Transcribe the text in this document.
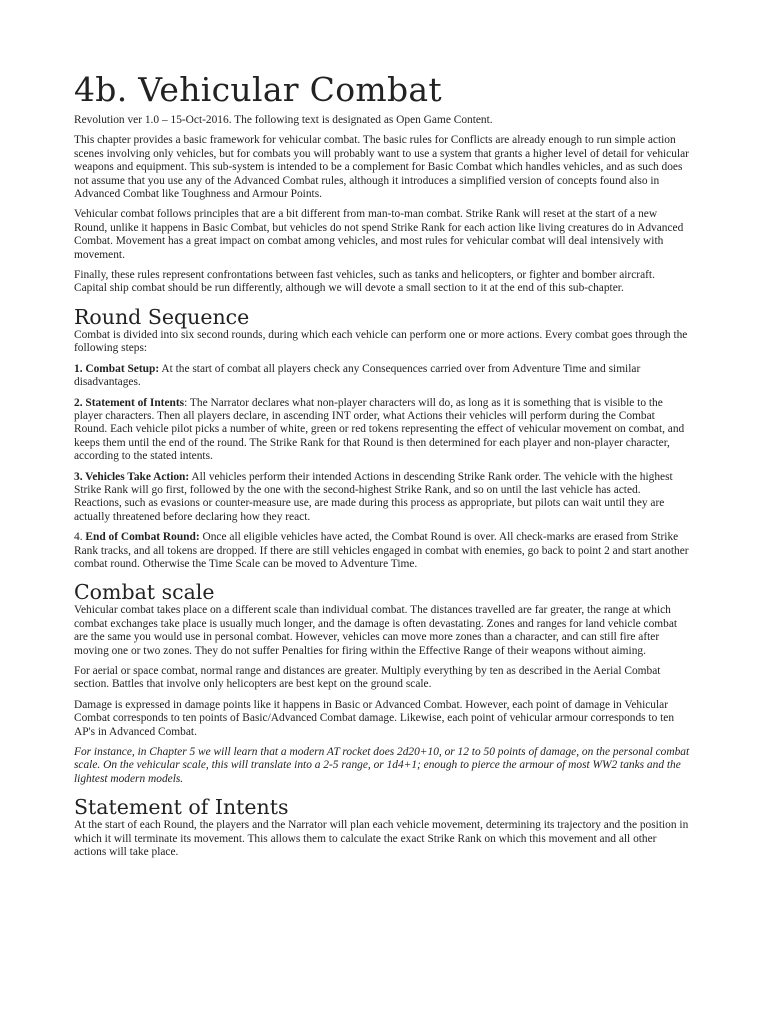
4b. Vehicular Combat

Revolution ver 1.0 – 15-Oct-2016. The following text is designated as Open Game Content.

This chapter provides a basic framework for vehicular combat. The basic rules for Conflicts are already enough to run simple action scenes involving only vehicles, but for combats you will probably want to use a system that grants a higher level of detail for vehicular weapons and equipment. This sub-system is intended to be a complement for Basic Combat which handles vehicles, and as such does not assume that you use any of the Advanced Combat rules, although it introduces a simplified version of concepts found also in Advanced Combat like Toughness and Armour Points.

Vehicular combat follows principles that are a bit different from man-to-man combat. Strike Rank will reset at the start of a new Round, unlike it happens in Basic Combat, but vehicles do not spend Strike Rank for each action like living creatures do in Advanced Combat. Movement has a great impact on combat among vehicles, and most rules for vehicular combat will deal intensively with movement.

Finally, these rules represent confrontations between fast vehicles, such as tanks and helicopters, or fighter and bomber aircraft. Capital ship combat should be run differently, although we will devote a small section to it at the end of this sub-chapter.

Round Sequence

Combat is divided into six second rounds, during which each vehicle can perform one or more actions. Every combat goes through the following steps:

1. Combat Setup: At the start of combat all players check any Consequences carried over from Adventure Time and similar disadvantages.

2. Statement of Intents: The Narrator declares what non-player characters will do, as long as it is something that is visible to the player characters. Then all players declare, in ascending INT order, what Actions their vehicles will perform during the Combat Round. Each vehicle pilot picks a number of white, green or red tokens representing the effect of vehicular movement on combat, and keeps them until the end of the round. The Strike Rank for that Round is then determined for each player and non-player character, according to the stated intents.

3. Vehicles Take Action: All vehicles perform their intended Actions in descending Strike Rank order. The vehicle with the highest Strike Rank will go first, followed by the one with the second-highest Strike Rank, and so on until the last vehicle has acted. Reactions, such as evasions or counter-measure use, are made during this process as appropriate, but pilots can wait until they are actually threatened before declaring how they react.

4. End of Combat Round: Once all eligible vehicles have acted, the Combat Round is over. All check-marks are erased from Strike Rank tracks, and all tokens are dropped. If there are still vehicles engaged in combat with enemies, go back to point 2 and start another combat round. Otherwise the Time Scale can be moved to Adventure Time.

Combat scale

Vehicular combat takes place on a different scale than individual combat. The distances travelled are far greater, the range at which combat exchanges take place is usually much longer, and the damage is often devastating. Zones and ranges for land vehicle combat are the same you would use in personal combat. However, vehicles can move more zones than a character, and can still fire after moving one or two zones. They do not suffer Penalties for firing within the Effective Range of their weapons without aiming.

For aerial or space combat, normal range and distances are greater. Multiply everything by ten as described in the Aerial Combat section. Battles that involve only helicopters are best kept on the ground scale.

Damage is expressed in damage points like it happens in Basic or Advanced Combat. However, each point of damage in Vehicular Combat corresponds to ten points of Basic/Advanced Combat damage. Likewise, each point of vehicular armour corresponds to ten AP's in Advanced Combat.

For instance, in Chapter 5 we will learn that a modern AT rocket does 2d20+10, or 12 to 50 points of damage, on the personal combat scale. On the vehicular scale, this will translate into a 2-5 range, or 1d4+1; enough to pierce the armour of most WW2 tanks and the lightest modern models.

Statement of Intents

At the start of each Round, the players and the Narrator will plan each vehicle movement, determining its trajectory and the position in which it will terminate its movement. This allows them to calculate the exact Strike Rank on which this movement and all other actions will take place.
